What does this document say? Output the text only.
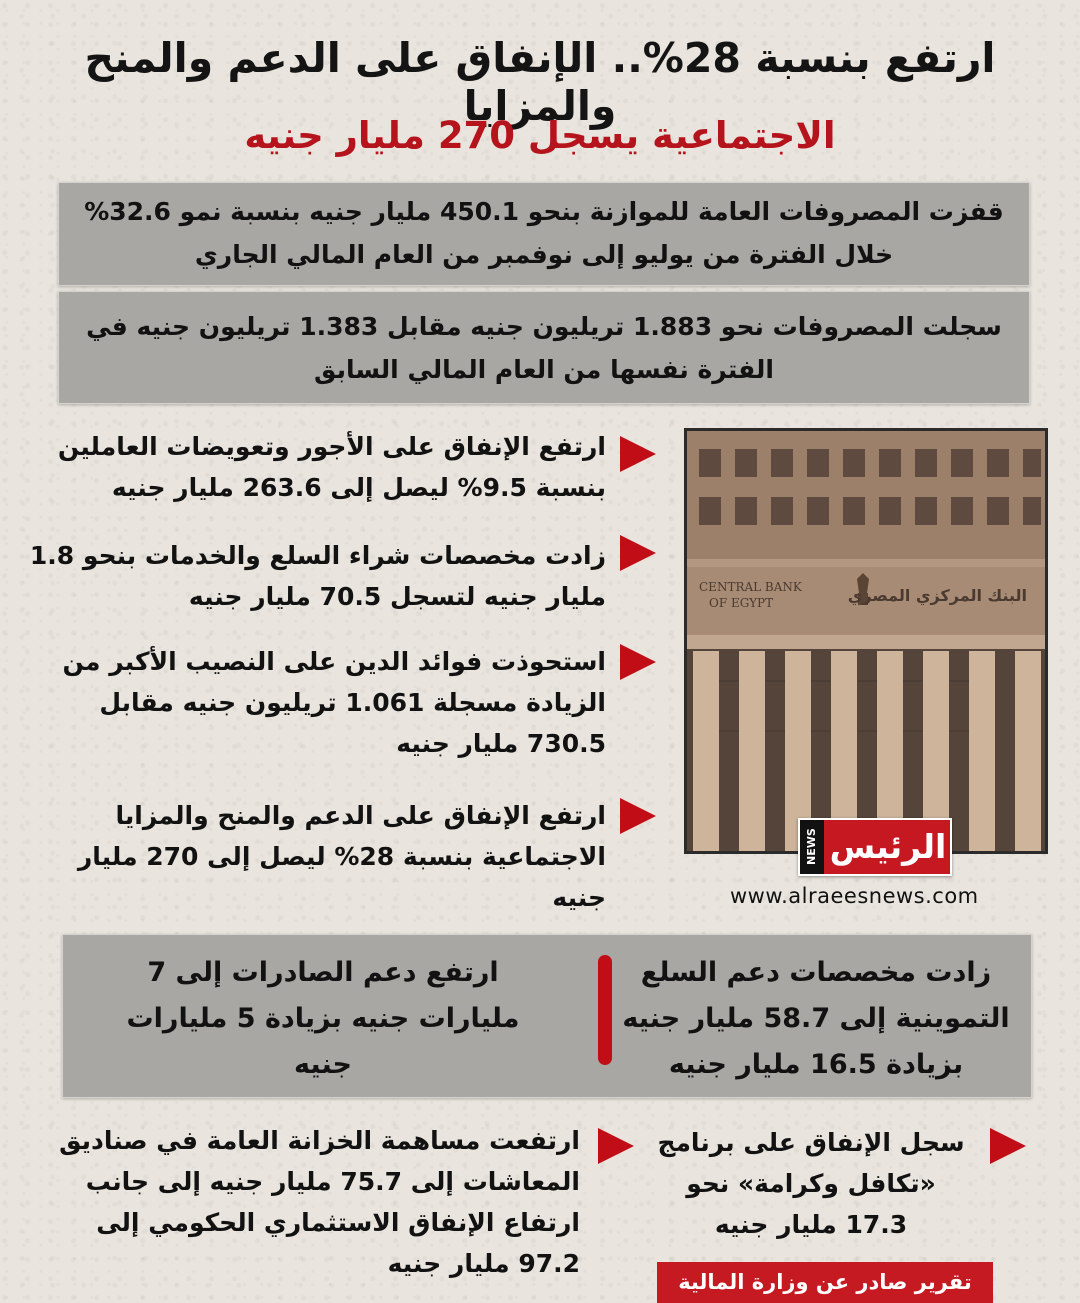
ارتفع بنسبة 28%.. الإنفاق على الدعم والمنح والمزايا
الاجتماعية يسجل 270 مليار جنيه

قفزت المصروفات العامة للموازنة بنحو 450.1 مليار جنيه بنسبة نمو 32.6%

خلال الفترة من يوليو إلى نوفمبر من العام المالي الجاري

سجلت المصروفات نحو 1.883 تريليون جنيه مقابل 1.383 تريليون جنيه في

الفترة نفسها من العام المالي السابق

ارتفع الإنفاق على الأجور وتعويضات العاملين
بنسبة 9.5% ليصل إلى 263.6 مليار جنيه
زادت مخصصات شراء السلع والخدمات بنحو 1.8
مليار جنيه لتسجل 70.5 مليار جنيه
استحوذت فوائد الدين على النصيب الأكبر من
الزيادة مسجلة 1.061 تريليون جنيه مقابل
730.5 مليار جنيه
ارتفع الإنفاق على الدعم والمنح والمزايا
الاجتماعية بنسبة 28% ليصل إلى 270 مليار
جنيه
CENTRAL BANK
OF EGYPT	البنك المركزي المصري
NEWS الرئيس
www.alraeesnews.com
زادت مخصصات دعم السلع
التموينية إلى 58.7 مليار جنيه
بزيادة 16.5 مليار جنيه
ارتفع دعم الصادرات إلى 7
مليارات جنيه بزيادة 5 مليارات
جنيه
سجل الإنفاق على برنامج
«تكافل وكرامة» نحو
17.3 مليار جنيه
ارتفعت مساهمة الخزانة العامة في صناديق
المعاشات إلى 75.7 مليار جنيه إلى جانب
ارتفاع الإنفاق الاستثماري الحكومي إلى
97.2 مليار جنيه
تقرير صادر عن وزارة المالية
